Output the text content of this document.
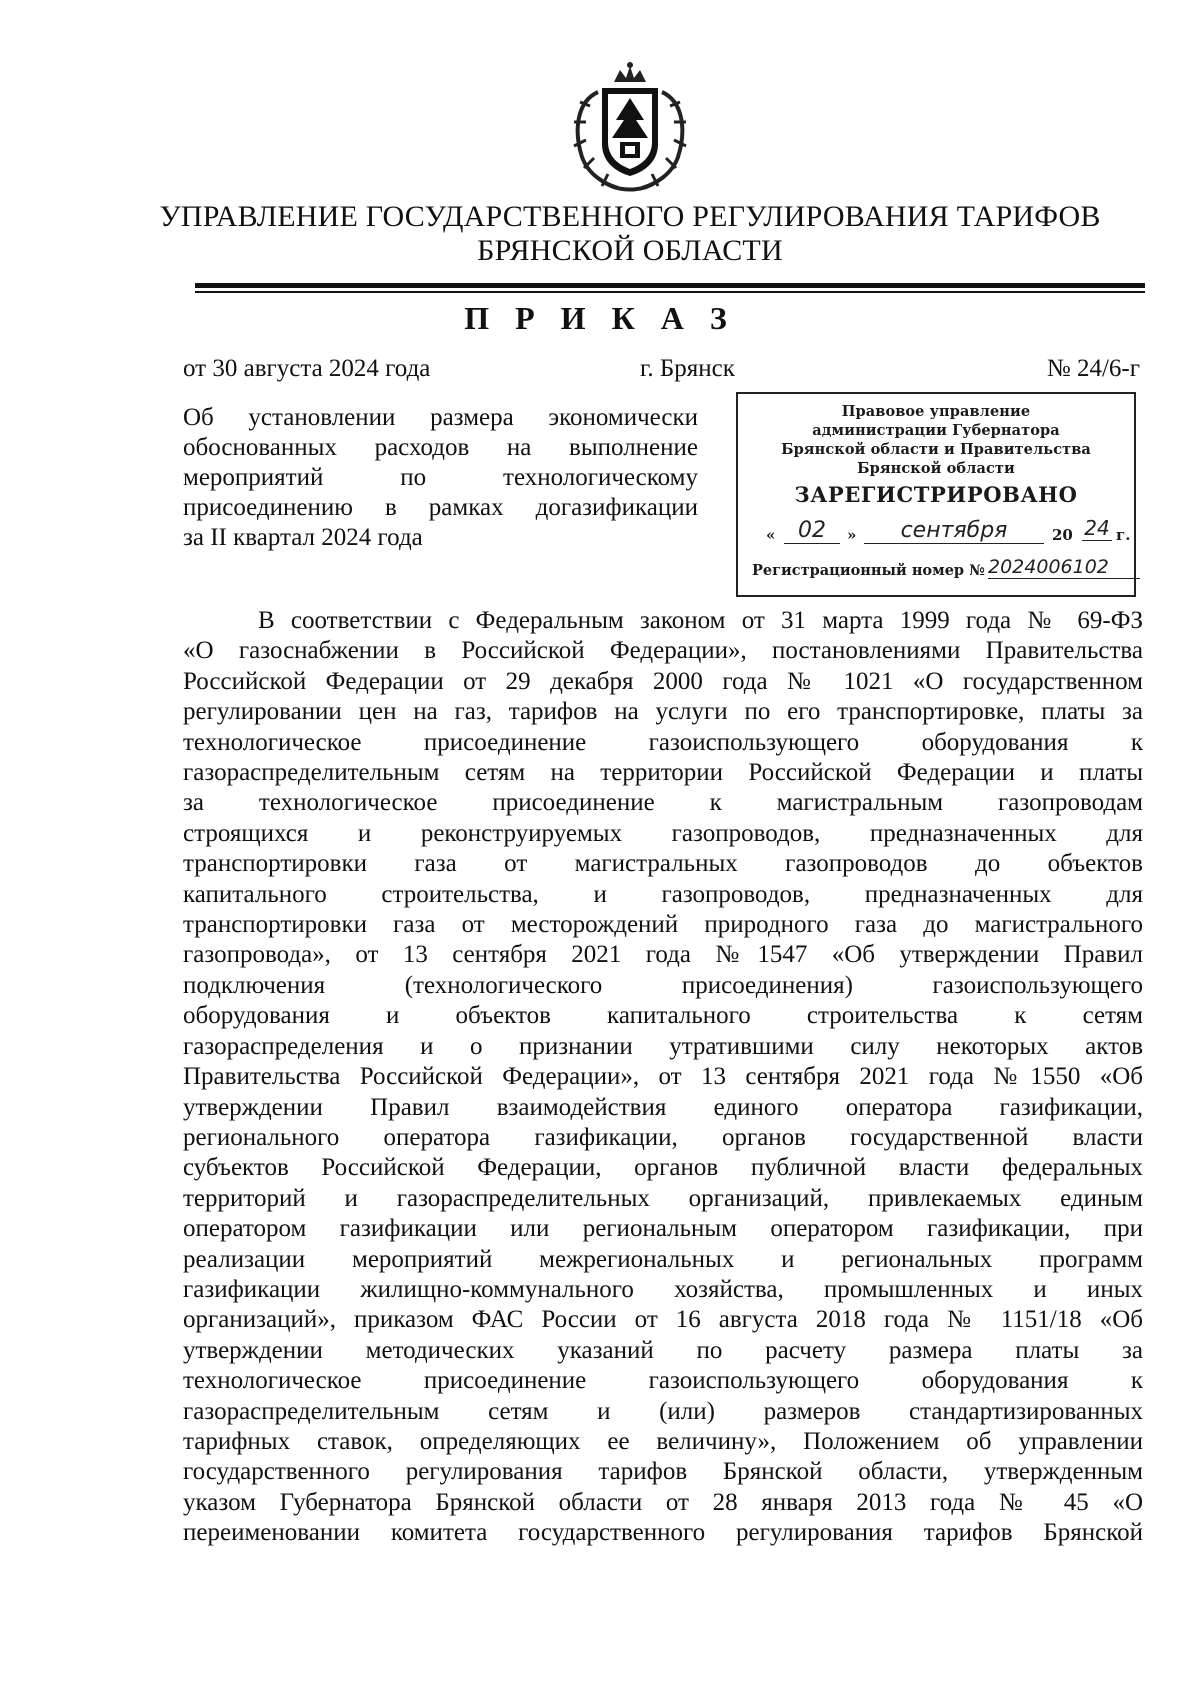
УПРАВЛЕНИЕ ГОСУДАРСТВЕННОГО РЕГУЛИРОВАНИЯ ТАРИФОВ
БРЯНСКОЙ ОБЛАСТИ
П Р И К А З
от 30 августа 2024 года	г. Брянск	№ 24/6-г
Об установлении размера экономически
обоснованных расходов на выполнение
мероприятий по технологическому
присоединению в рамках догазификации
за II квартал 2024 года
Правовое управление
администрации Губернатора
Брянской области и Правительства
Брянской области
ЗАРЕГИСТРИРОВАНО
«	02	»	сентября	20 24 г.
Регистрационный номер № 2024006102
В соответствии с Федеральным законом от 31 марта 1999 года № 69-ФЗ
«О газоснабжении в Российской Федерации», постановлениями Правительства
Российской Федерации от 29 декабря 2000 года № 1021 «О государственном
регулировании цен на газ, тарифов на услуги по его транспортировке, платы за
технологическое присоединение газоиспользующего оборудования к
газораспределительным сетям на территории Российской Федерации и платы
за технологическое присоединение к магистральным газопроводам
строящихся и реконструируемых газопроводов, предназначенных для
транспортировки газа от магистральных газопроводов до объектов
капитального строительства, и газопроводов, предназначенных для
транспортировки газа от месторождений природного газа до магистрального
газопровода», от 13 сентября 2021 года №1547 «Об утверждении Правил
подключения (технологического присоединения) газоиспользующего
оборудования и объектов капитального строительства к сетям
газораспределения и о признании утратившими силу некоторых актов
Правительства Российской Федерации», от 13 сентября 2021 года №1550 «Об
утверждении Правил взаимодействия единого оператора газификации,
регионального оператора газификации, органов государственной власти
субъектов Российской Федерации, органов публичной власти федеральных
территорий и газораспределительных организаций, привлекаемых единым
оператором газификации или региональным оператором газификации, при
реализации мероприятий межрегиональных и региональных программ
газификации жилищно-коммунального хозяйства, промышленных и иных
организаций», приказом ФАС России от 16 августа 2018 года № 1151/18 «Об
утверждении методических указаний по расчету размера платы за
технологическое присоединение газоиспользующего оборудования к
газораспределительным сетям и (или) размеров стандартизированных
тарифных ставок, определяющих ее величину», Положением об управлении
государственного регулирования тарифов Брянской области, утвержденным
указом Губернатора Брянской области от 28 января 2013 года № 45 «О
переименовании комитета государственного регулирования тарифов Брянской
